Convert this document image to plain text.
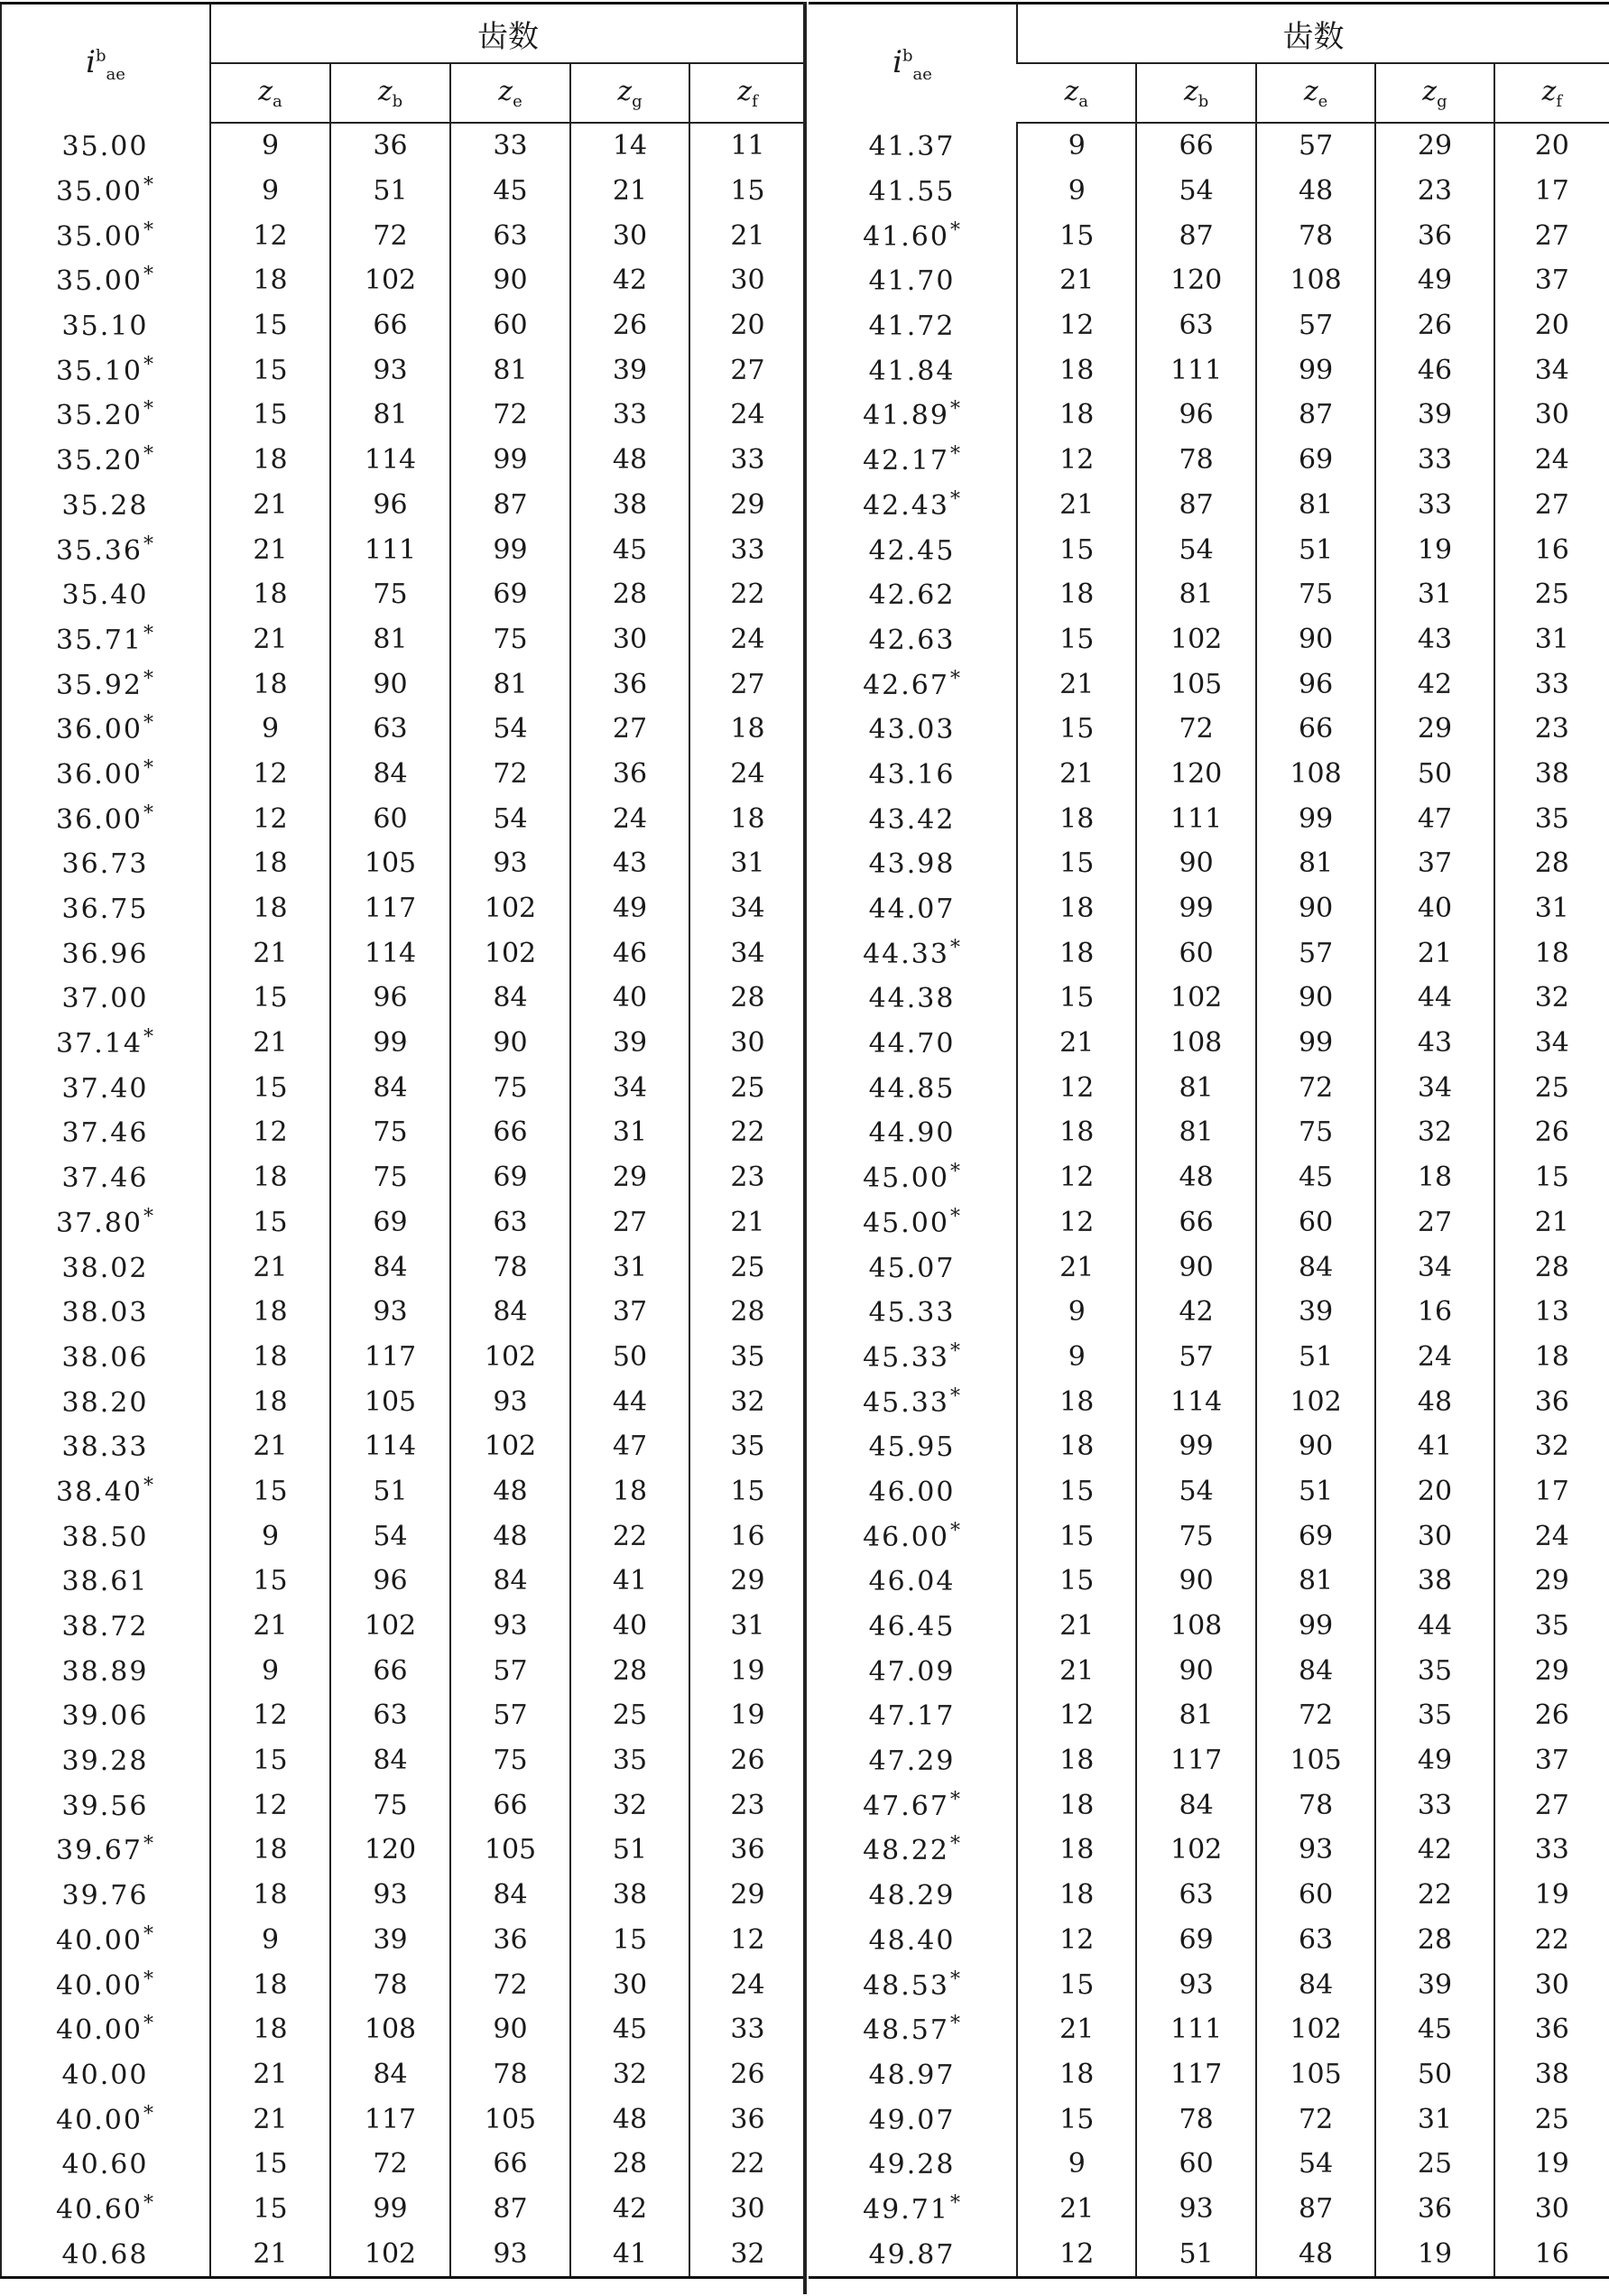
$i^b_{ae}$	齿数				
	$z_a$	$z_b$	$z_e$	$z_g$	$z_f$
35.00	9	36	33	14	11
35.00*	9	51	45	21	15
35.00*	12	72	63	30	21
35.00*	18	102	90	42	30
35.10	15	66	60	26	20
35.10*	15	93	81	39	27
35.20*	15	81	72	33	24
35.20*	18	114	99	48	33
35.28	21	96	87	38	29
35.36*	21	111	99	45	33
35.40	18	75	69	28	22
35.71*	21	81	75	30	24
35.92*	18	90	81	36	27
36.00*	9	63	54	27	18
36.00*	12	84	72	36	24
36.00*	12	60	54	24	18
36.73	18	105	93	43	31
36.75	18	117	102	49	34
36.96	21	114	102	46	34
37.00	15	96	84	40	28
37.14*	21	99	90	39	30
37.40	15	84	75	34	25
37.46	12	75	66	31	22
37.46	18	75	69	29	23
37.80*	15	69	63	27	21
38.02	21	84	78	31	25
38.03	18	93	84	37	28
38.06	18	117	102	50	35
38.20	18	105	93	44	32
38.33	21	114	102	47	35
38.40*	15	51	48	18	15
38.50	9	54	48	22	16
38.61	15	96	84	41	29
38.72	21	102	93	40	31
38.89	9	66	57	28	19
39.06	12	63	57	25	19
39.28	15	84	75	35	26
39.56	12	75	66	32	23
39.67*	18	120	105	51	36
39.76	18	93	84	38	29
40.00*	9	39	36	15	12
40.00*	18	78	72	30	24
40.00*	18	108	90	45	33
40.00	21	84	78	32	26
40.00*	21	117	105	48	36
40.60	15	72	66	28	22
40.60*	15	99	87	42	30
40.68	21	102	93	41	32
$i^b_{ae}$	齿数				
	$z_a$	$z_b$	$z_e$	$z_g$	$z_f$
41.37	9	66	57	29	20
41.55	9	54	48	23	17
41.60*	15	87	78	36	27
41.70	21	120	108	49	37
41.72	12	63	57	26	20
41.84	18	111	99	46	34
41.89*	18	96	87	39	30
42.17*	12	78	69	33	24
42.43*	21	87	81	33	27
42.45	15	54	51	19	16
42.62	18	81	75	31	25
42.63	15	102	90	43	31
42.67*	21	105	96	42	33
43.03	15	72	66	29	23
43.16	21	120	108	50	38
43.42	18	111	99	47	35
43.98	15	90	81	37	28
44.07	18	99	90	40	31
44.33*	18	60	57	21	18
44.38	15	102	90	44	32
44.70	21	108	99	43	34
44.85	12	81	72	34	25
44.90	18	81	75	32	26
45.00*	12	48	45	18	15
45.00*	12	66	60	27	21
45.07	21	90	84	34	28
45.33	9	42	39	16	13
45.33*	9	57	51	24	18
45.33*	18	114	102	48	36
45.95	18	99	90	41	32
46.00	15	54	51	20	17
46.00*	15	75	69	30	24
46.04	15	90	81	38	29
46.45	21	108	99	44	35
47.09	21	90	84	35	29
47.17	12	81	72	35	26
47.29	18	117	105	49	37
47.67*	18	84	78	33	27
48.22*	18	102	93	42	33
48.29	18	63	60	22	19
48.40	12	69	63	28	22
48.53*	15	93	84	39	30
48.57*	21	111	102	45	36
48.97	18	117	105	50	38
49.07	15	78	72	31	25
49.28	9	60	54	25	19
49.71*	21	93	87	36	30
49.87	12	51	48	19	16
